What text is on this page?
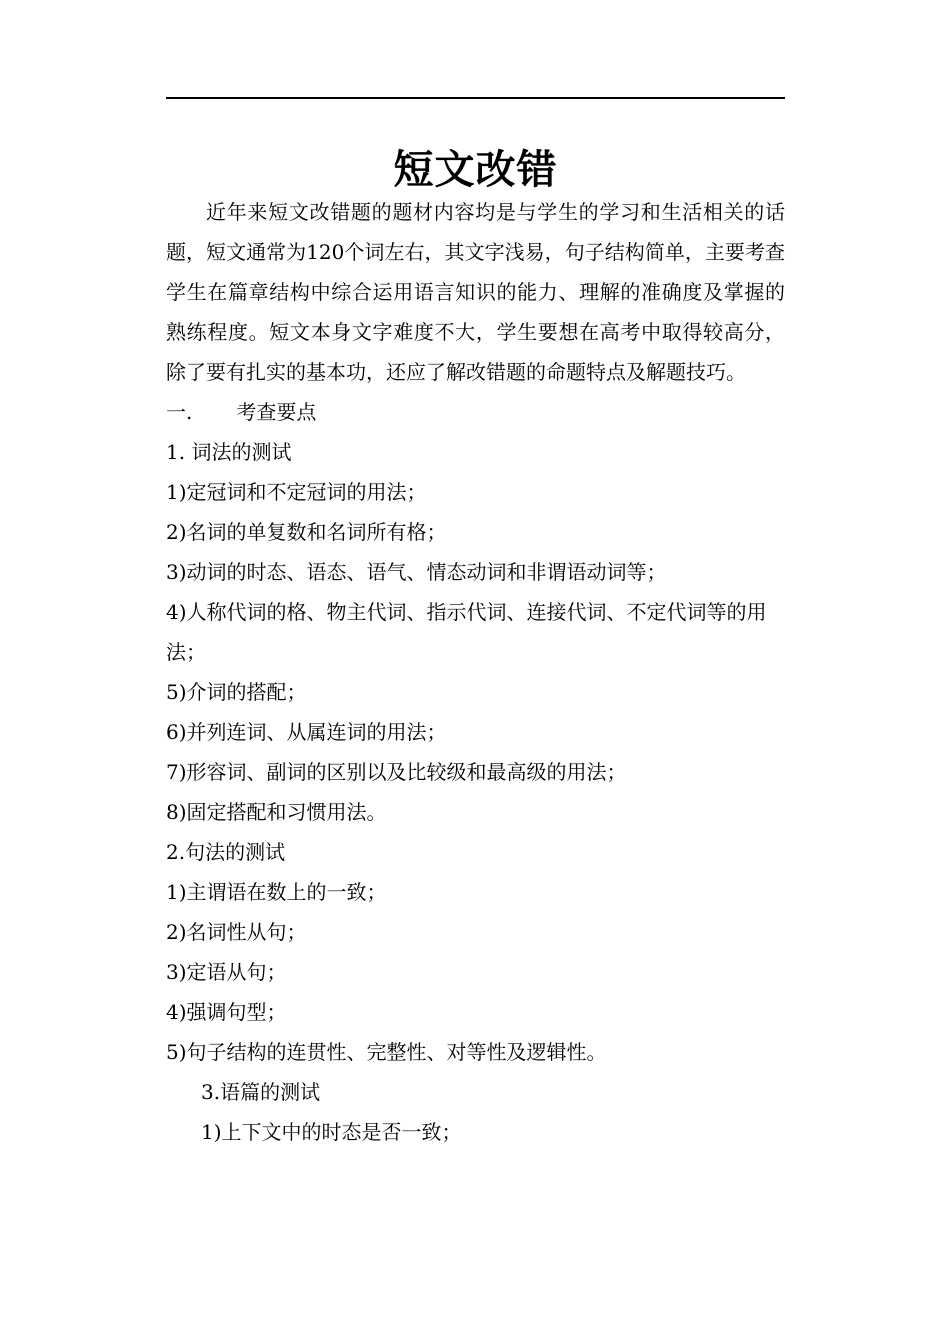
短文改错

近年来短文改错题的题材内容均是与学生的学习和生活相关的话题，短文通常为120个词左右，其文字浅易，句子结构简单，主要考查学生在篇章结构中综合运用语言知识的能力、理解的准确度及掌握的熟练程度。短文本身文字难度不大，学生要想在高考中取得较高分，除了要有扎实的基本功，还应了解改错题的命题特点及解题技巧。

一. 考查要点

1. 词法的测试

1)定冠词和不定冠词的用法；

2)名词的单复数和名词所有格；

3)动词的时态、语态、语气、情态动词和非谓语动词等；

4)人称代词的格、物主代词、指示代词、连接代词、不定代词等的用法；

5)介词的搭配；

6)并列连词、从属连词的用法；

7)形容词、副词的区别以及比较级和最高级的用法；

8)固定搭配和习惯用法。

2.句法的测试

1)主谓语在数上的一致；

2)名词性从句；

3)定语从句；

4)强调句型；

5)句子结构的连贯性、完整性、对等性及逻辑性。

3.语篇的测试

1)上下文中的时态是否一致；
